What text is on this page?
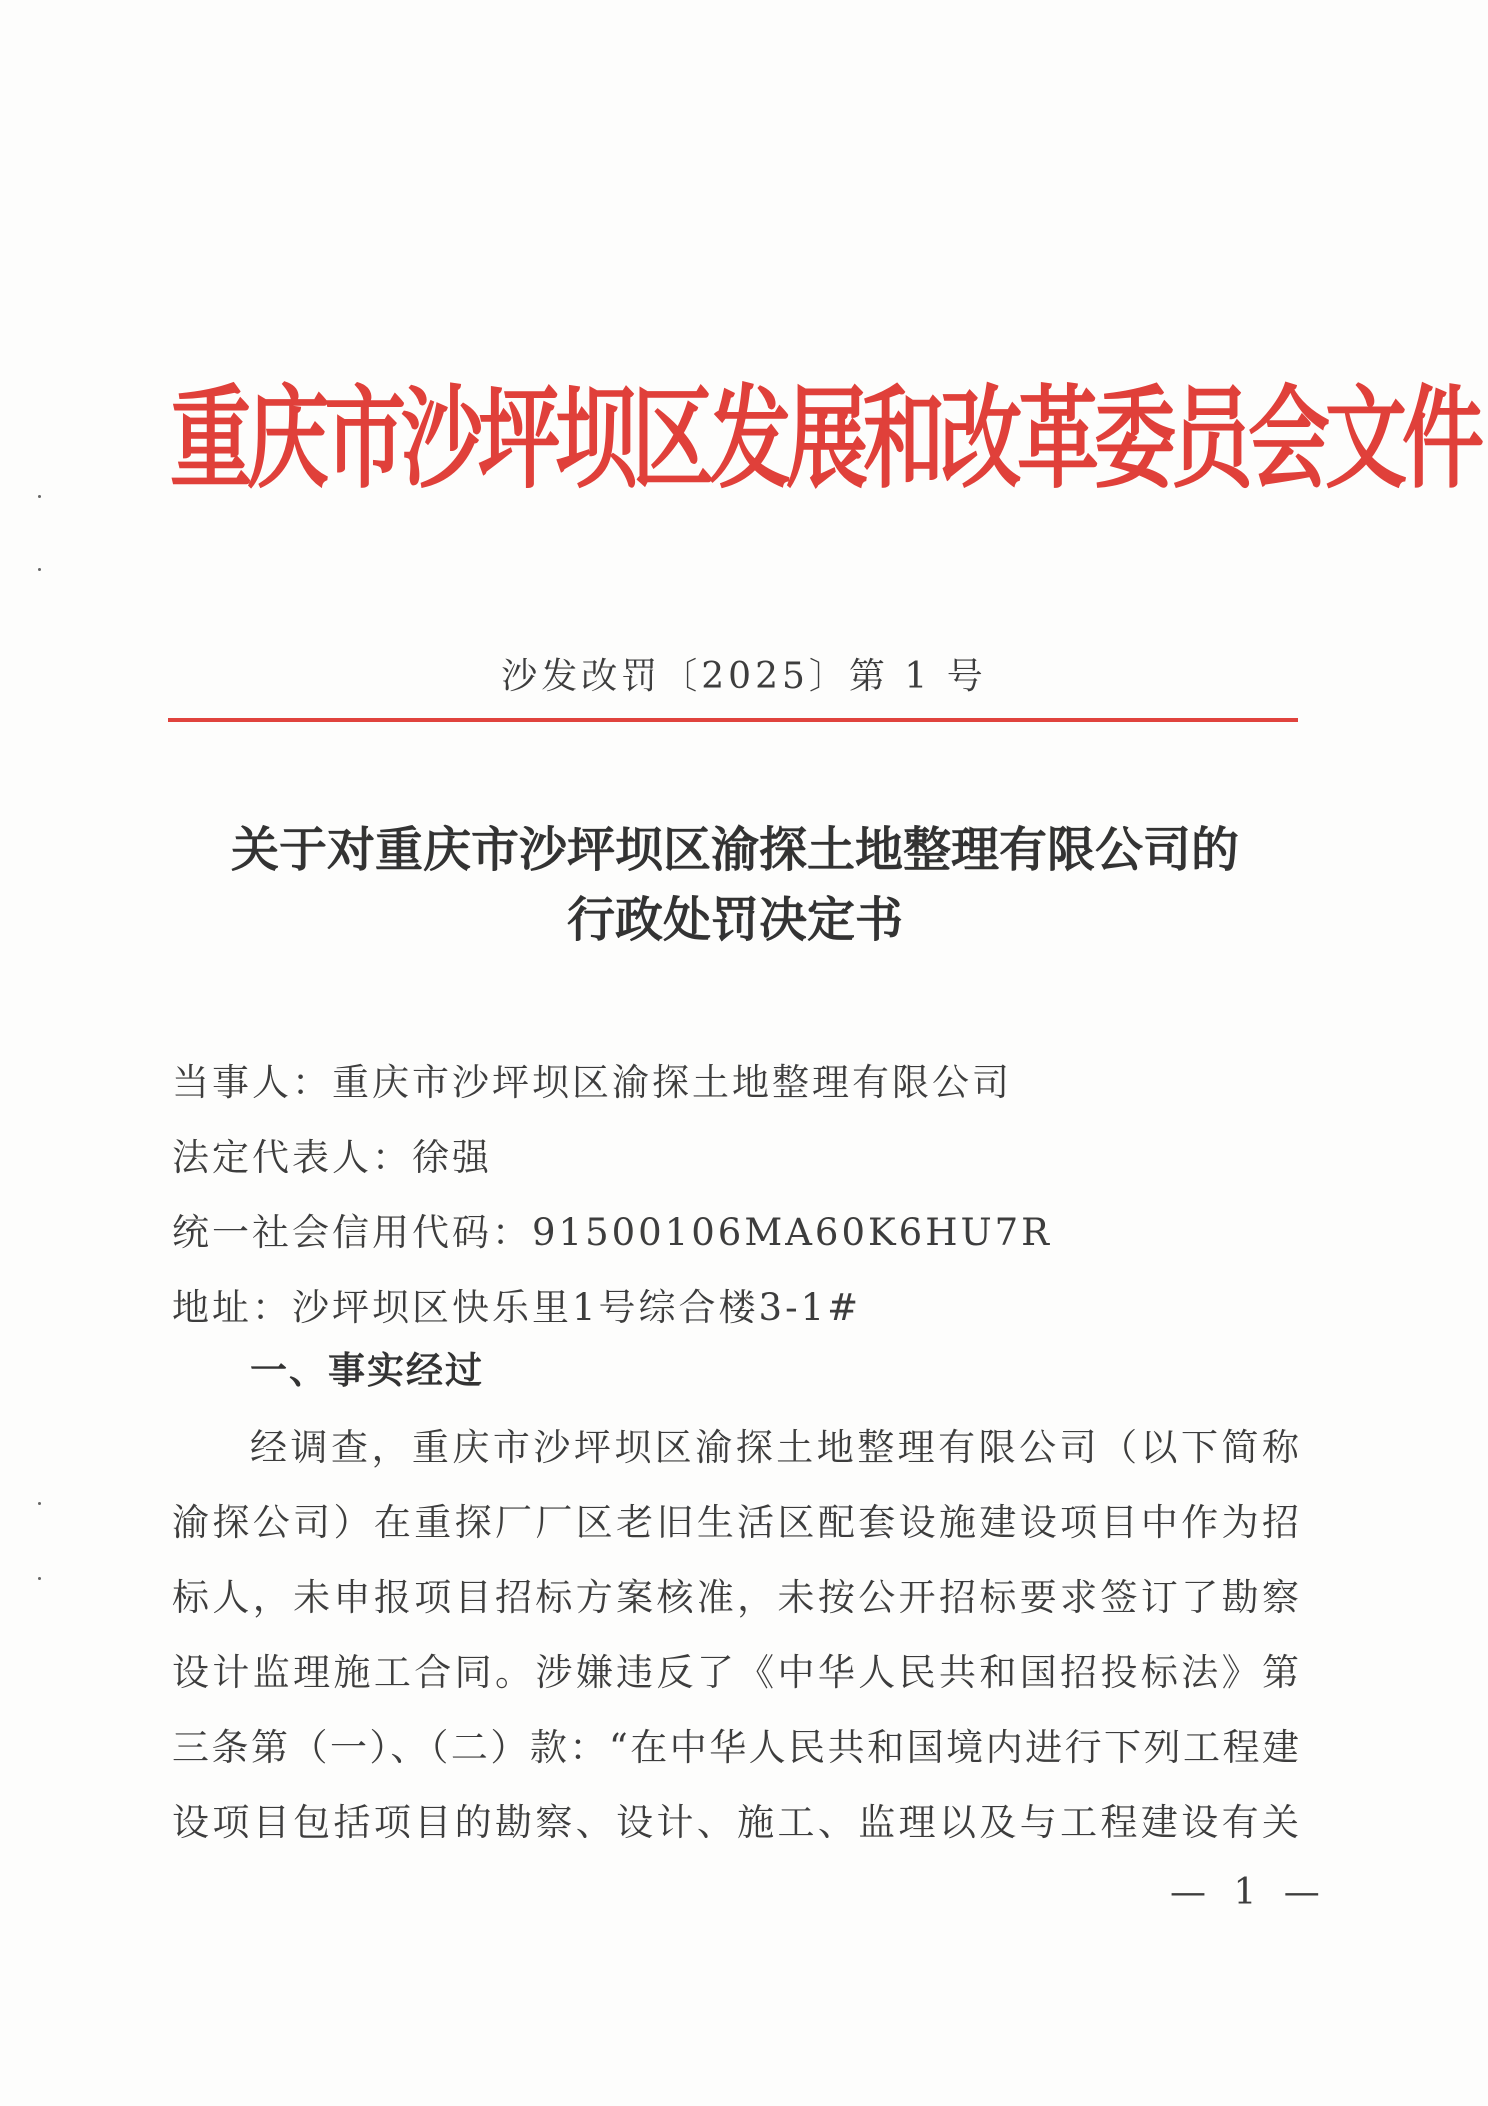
重庆市沙坪坝区发展和改革委员会文件
沙发改罚〔2025〕第 1 号
关于对重庆市沙坪坝区渝探土地整理有限公司的
行政处罚决定书
当事人：重庆市沙坪坝区渝探土地整理有限公司
法定代表人：徐强
统一社会信用代码：91500106MA60K6HU7R
地址：沙坪坝区快乐里1号综合楼3-1#
一、事实经过
经调查，重庆市沙坪坝区渝探土地整理有限公司（以下简称
渝探公司）在重探厂厂区老旧生活区配套设施建设项目中作为招
标人，未申报项目招标方案核准，未按公开招标要求签订了勘察
设计监理施工合同。涉嫌违反了《中华人民共和国招投标法》第
三条第（一）、（二）款：“在中华人民共和国境内进行下列工程建
设项目包括项目的勘察、设计、施工、监理以及与工程建设有关
— 1 —
